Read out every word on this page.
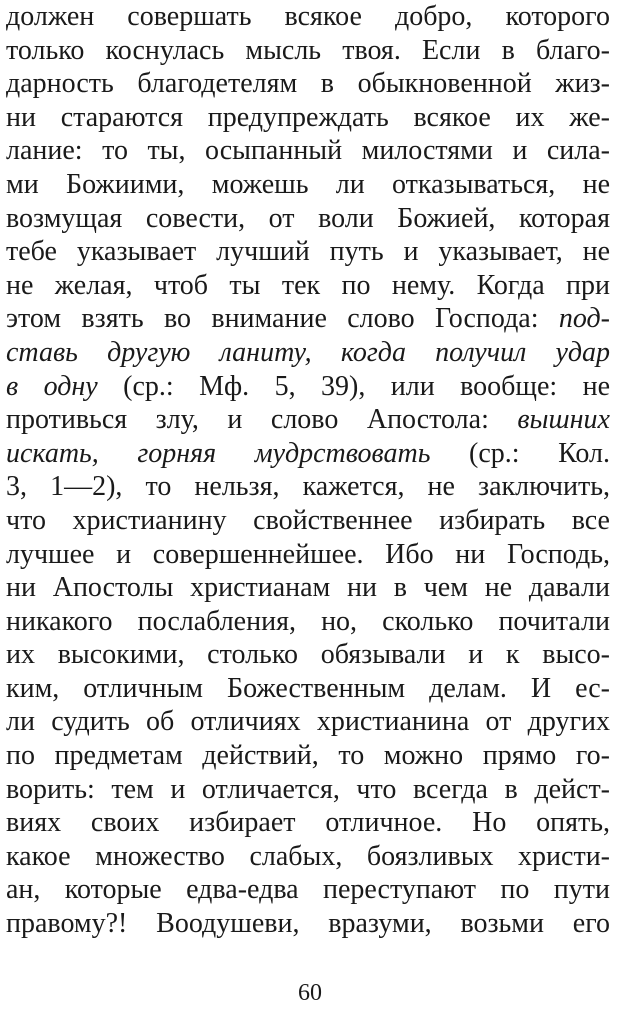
должен совершать всякое добро, которого
только коснулась мысль твоя. Если в благо-
дарность благодетелям в обыкновенной жиз-
ни стараются предупреждать всякое их же-
лание: то ты, осыпанный милостями и сила-
ми Божиими, можешь ли отказываться, не
возмущая совести, от воли Божией, которая
тебе указывает лучший путь и указывает, не
не желая, чтоб ты тек по нему. Когда при
этом взять во внимание слово Господа: под-
ставь другую ланиту, когда получил удар
в одну (ср.: Мф. 5, 39), или вообще: не
противься злу, и слово Апостола: вышних
искать, горняя мудрствовать (ср.: Кол.
3, 1—2), то нельзя, кажется, не заключить,
что христианину свойственнее избирать все
лучшее и совершеннейшее. Ибо ни Господь,
ни Апостолы христианам ни в чем не давали
никакого послабления, но, сколько почитали
их высокими, столько обязывали и к высо-
ким, отличным Божественным делам. И ес-
ли судить об отличиях христианина от других
по предметам действий, то можно прямо го-
ворить: тем и отличается, что всегда в дейст-
виях своих избирает отличное. Но опять,
какое множество слабых, боязливых христи-
ан, которые едва-едва переступают по пути
правому?! Воодушеви, вразуми, возьми его
60
